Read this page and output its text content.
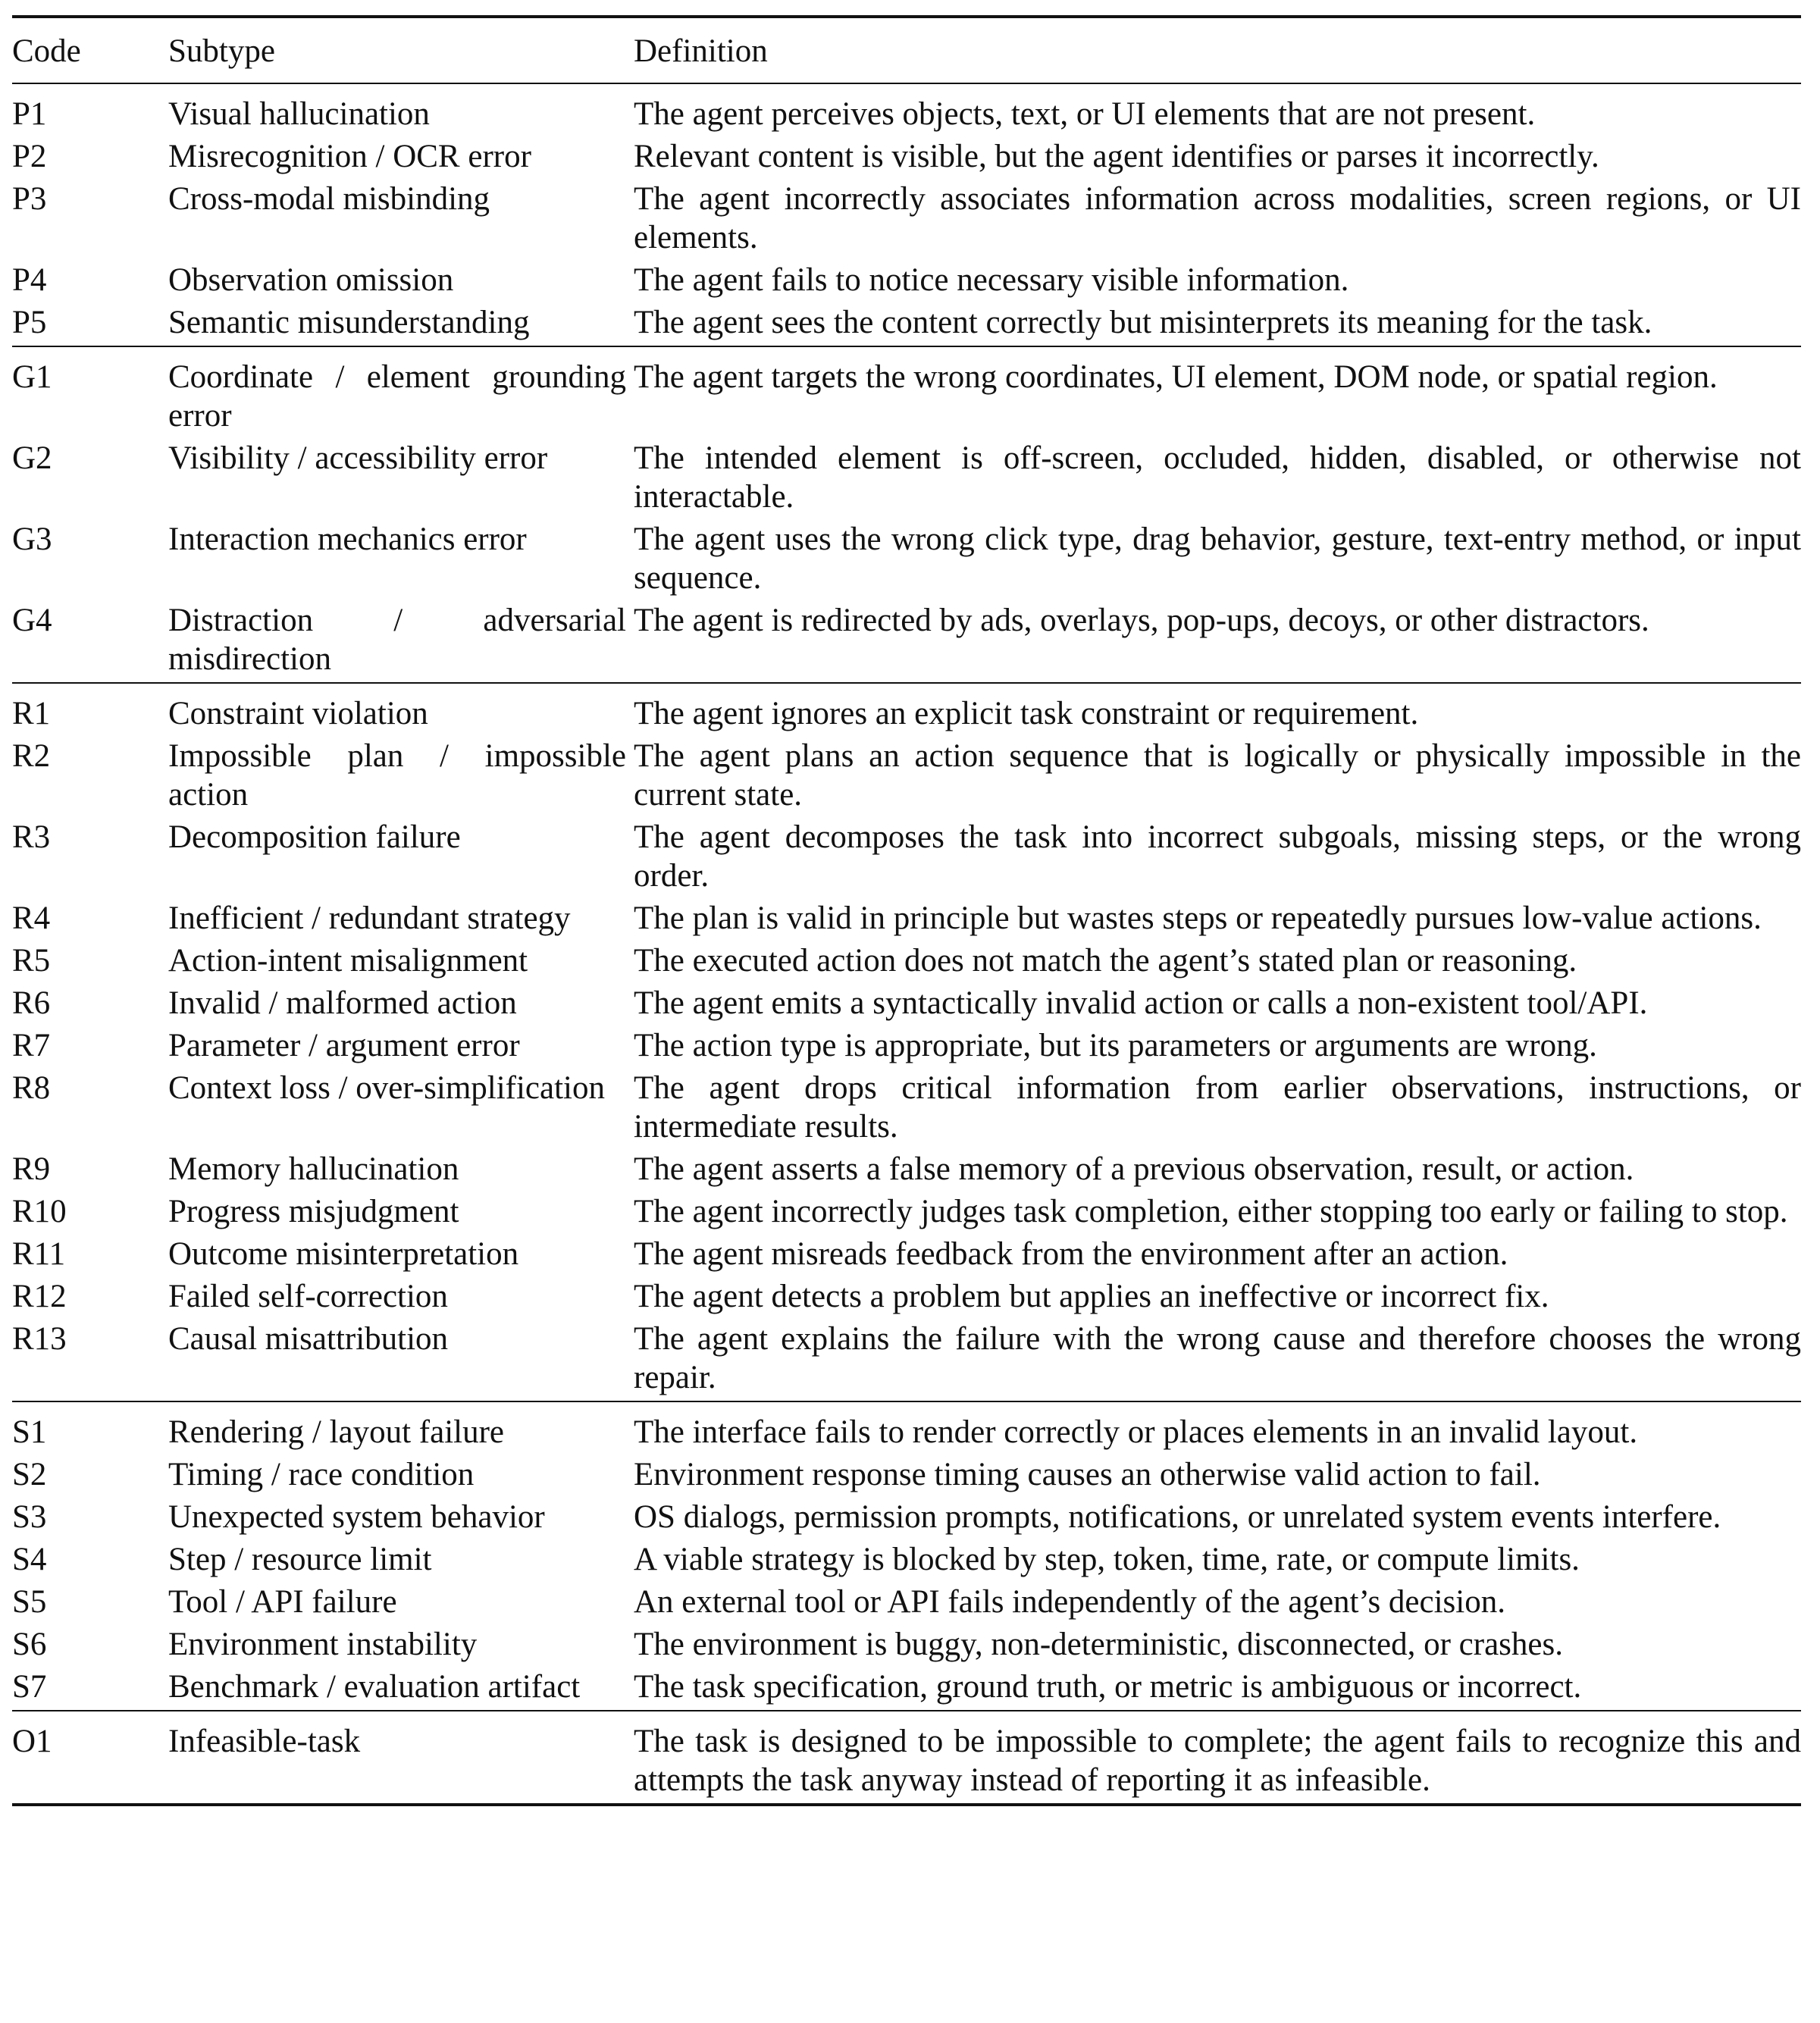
Code	Subtype	Definition
P1	Visual hallucination	The agent perceives objects, text, or UI elements that are not present.
P2	Misrecognition / OCR error	Relevant content is visible, but the agent identifies or parses it incorrectly.
P3	Cross-modal misbinding	The agent incorrectly associates information across modalities, screen regions, or UI elements.
P4	Observation omission	The agent fails to notice necessary visible information.
P5	Semantic misunderstanding	The agent sees the content correctly but misinterprets its meaning for the task.
G1	Coordinate / element grounding error	The agent targets the wrong coordinates, UI element, DOM node, or spatial region.
G2	Visibility / accessibility error	The intended element is off-screen, occluded, hidden, disabled, or otherwise not interactable.
G3	Interaction mechanics error	The agent uses the wrong click type, drag behavior, gesture, text-entry method, or input sequence.
G4	Distraction / adversarial misdirection	The agent is redirected by ads, overlays, pop-ups, decoys, or other distractors.
R1	Constraint violation	The agent ignores an explicit task constraint or requirement.
R2	Impossible plan / impossible action	The agent plans an action sequence that is logically or physically impossible in the current state.
R3	Decomposition failure	The agent decomposes the task into incorrect subgoals, missing steps, or the wrong order.
R4	Inefficient / redundant strategy	The plan is valid in principle but wastes steps or repeatedly pursues low-value actions.
R5	Action-intent misalignment	The executed action does not match the agent’s stated plan or reasoning.
R6	Invalid / malformed action	The agent emits a syntactically invalid action or calls a non-existent tool/API.
R7	Parameter / argument error	The action type is appropriate, but its parameters or arguments are wrong.
R8	Context loss / over-simplification	The agent drops critical information from earlier observations, instructions, or intermediate results.
R9	Memory hallucination	The agent asserts a false memory of a previous observation, result, or action.
R10	Progress misjudgment	The agent incorrectly judges task completion, either stopping too early or failing to stop.
R11	Outcome misinterpretation	The agent misreads feedback from the environment after an action.
R12	Failed self-correction	The agent detects a problem but applies an ineffective or incorrect fix.
R13	Causal misattribution	The agent explains the failure with the wrong cause and therefore chooses the wrong repair.
S1	Rendering / layout failure	The interface fails to render correctly or places elements in an invalid layout.
S2	Timing / race condition	Environment response timing causes an otherwise valid action to fail.
S3	Unexpected system behavior	OS dialogs, permission prompts, notifications, or unrelated system events interfere.
S4	Step / resource limit	A viable strategy is blocked by step, token, time, rate, or compute limits.
S5	Tool / API failure	An external tool or API fails independently of the agent’s decision.
S6	Environment instability	The environment is buggy, non-deterministic, disconnected, or crashes.
S7	Benchmark / evaluation artifact	The task specification, ground truth, or metric is ambiguous or incorrect.
O1	Infeasible-task	The task is designed to be impossible to complete; the agent fails to recognize this and attempts the task anyway instead of reporting it as infeasible.
